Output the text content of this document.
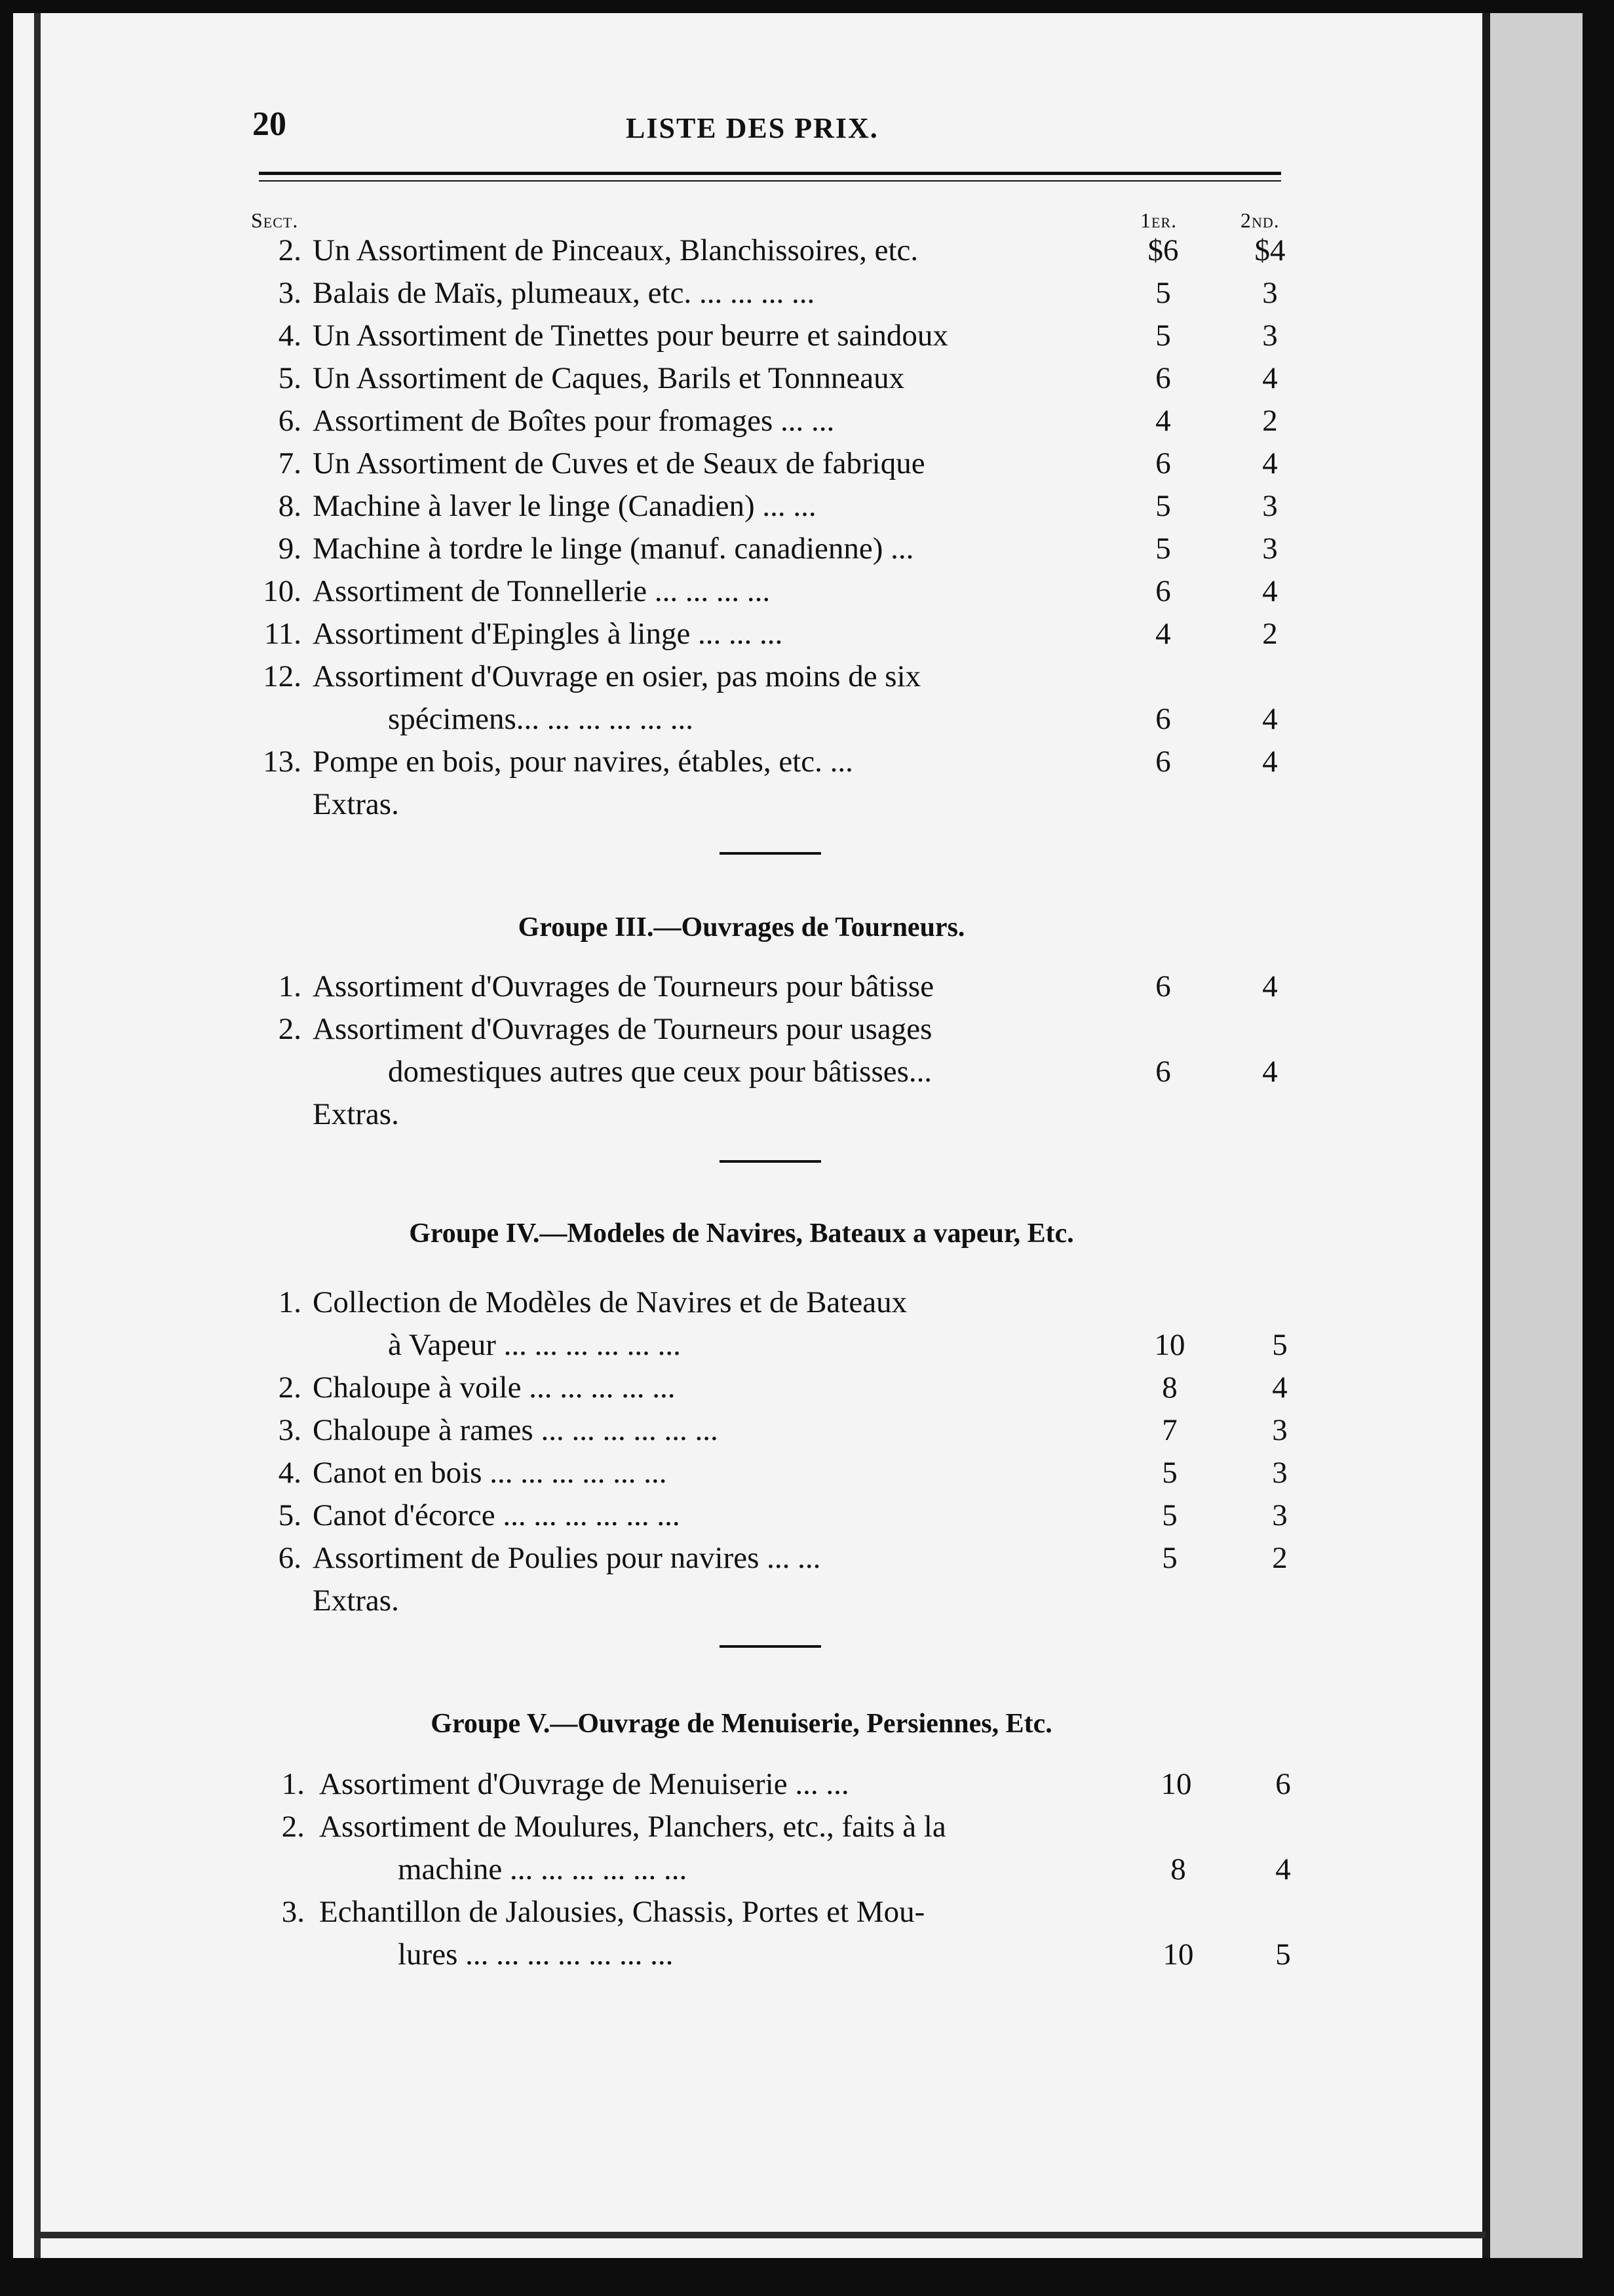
20	LISTE DES PRIX.
Sect.	1er.	2nd.
2. Un Assortiment de Pinceaux, Blanchissoires, etc.	$6 $4
3. Balais de Maïs, plumeaux, etc. ... ... ... ...	5	3
4. Un Assortiment de Tinettes pour beurre et saindoux	5	3
5. Un Assortiment de Caques, Barils et Tonnneaux	6	4
6. Assortiment de Boîtes pour fromages ... ...	4	2
7. Un Assortiment de Cuves et de Seaux de fabrique	6	4
8. Machine à laver le linge (Canadien) ... ...	5	3
9. Machine à tordre le linge (manuf. canadienne) ...	5	3
10. Assortiment de Tonnellerie ... ... ... ...	6	4
11. Assortiment d'Epingles à linge ... ... ...	4	2
12. Assortiment d'Ouvrage en osier, pas moins de six
spécimens... ... ... ... ... ...	6	4
13. Pompe en bois, pour navires, étables, etc. ...	6	4
Extras.
Groupe III.—Ouvrages de Tourneurs.
1. Assortiment d'Ouvrages de Tourneurs pour bâtisse	6	4
2. Assortiment d'Ouvrages de Tourneurs pour usages
domestiques autres que ceux pour bâtisses...	6	4
Extras.
Groupe IV.—Modeles de Navires, Bateaux a vapeur, Etc.
1. Collection de Modèles de Navires et de Bateaux
à Vapeur ... ... ... ... ... ...	10	5
2. Chaloupe à voile ... ... ... ... ...	8	4
3. Chaloupe à rames ... ... ... ... ... ...	7	3
4. Canot en bois ... ... ... ... ... ...	5	3
5. Canot d'écorce ... ... ... ... ... ...	5	3
6. Assortiment de Poulies pour navires ... ...	5	2
Extras.
Groupe V.—Ouvrage de Menuiserie, Persiennes, Etc.
1. Assortiment d'Ouvrage de Menuiserie ... ...	10	6
2. Assortiment de Moulures, Planchers, etc., faits à la
machine ... ... ... ... ... ...	8	4
3. Echantillon de Jalousies, Chassis, Portes et Mou-
lures ... ... ... ... ... ... ...	10	5
